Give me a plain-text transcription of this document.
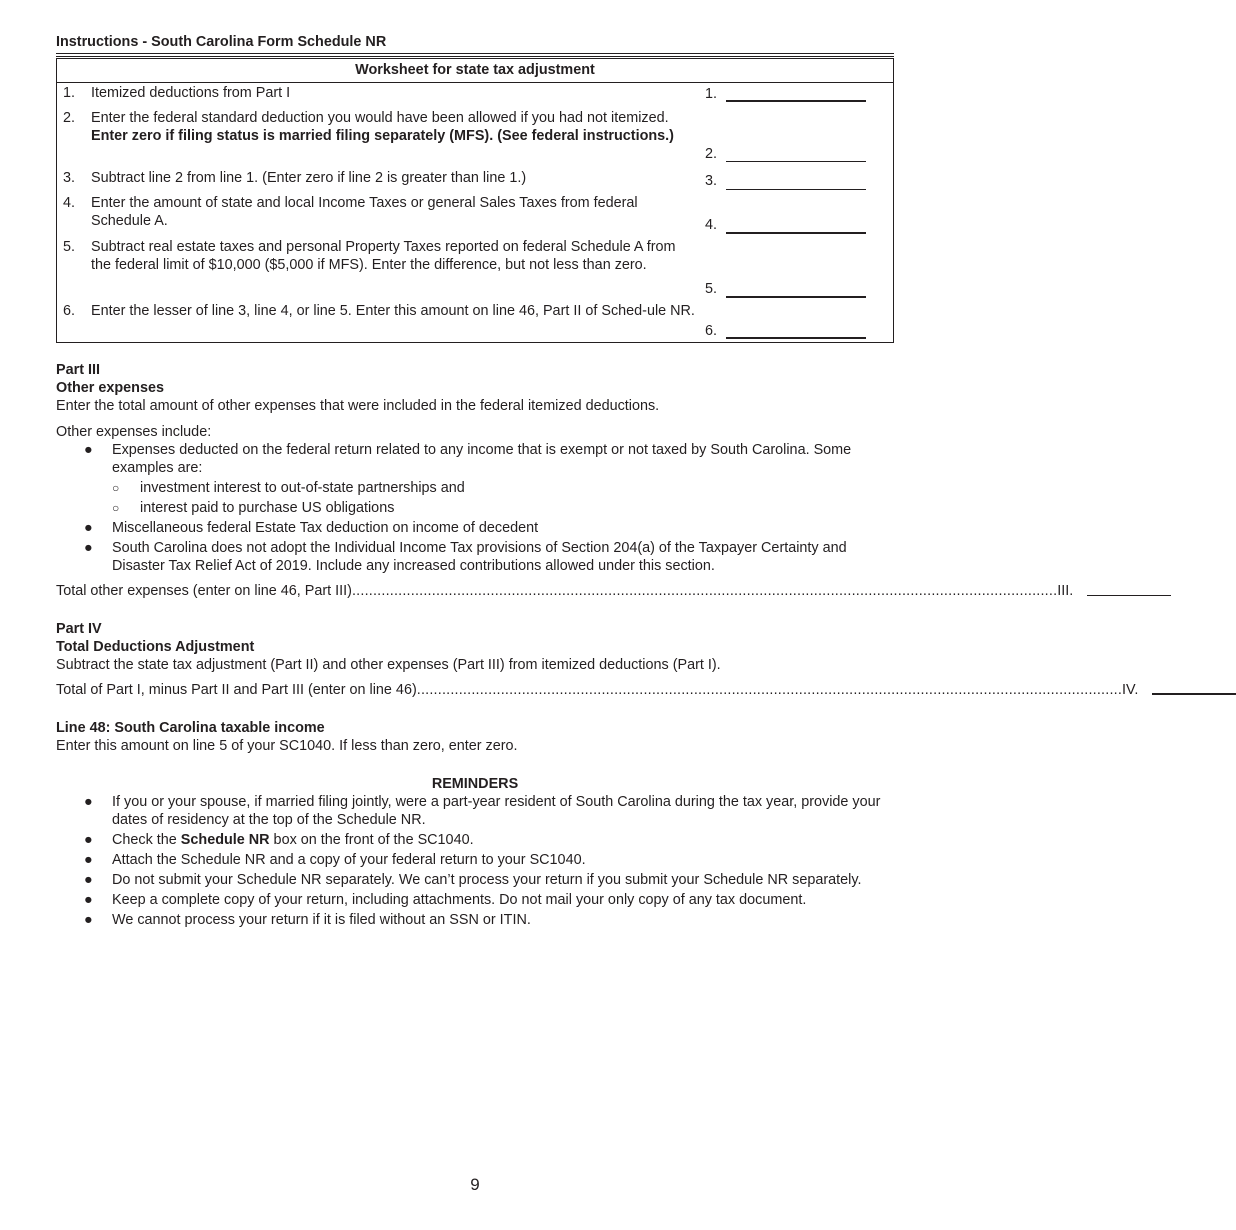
Instructions - South Carolina Form Schedule NR
Worksheet for state tax adjustment
1.	Itemized deductions from Part I	1.
2.	Enter the federal standard deduction you would have been allowed if you had not itemized. Enter zero if filing status is married filing separately (MFS). (See federal instructions.)
2.
3.	Subtract line 2 from line 1. (Enter zero if line 2 is greater than line 1.)	3.
4.	Enter the amount of state and local Income Taxes or general Sales Taxes from federal Schedule A.	4.
5.	Subtract real estate taxes and personal Property Taxes reported on federal Schedule A from the federal limit of $10,000 ($5,000 if MFS). Enter the difference, but not less than zero.
5.
6.	Enter the lesser of line 3, line 4, or line 5. Enter this amount on line 46, Part II of Sched-ule NR.
6.
Part III
Other expenses

Enter the total amount of other expenses that were included in the federal itemized deductions.

Other expenses include:

● Expenses deducted on the federal return related to any income that is exempt or not taxed by South Carolina. Some examples are:
○ investment interest to out-of-state partnerships and
○ interest paid to purchase US obligations
● Miscellaneous federal Estate Tax deduction on income of decedent
● South Carolina does not adopt the Individual Income Tax provisions of Section 204(a) of the Taxpayer Certainty and Disaster Tax Relief Act of 2019. Include any increased contributions allowed under this section.
Total other expenses (enter on line 46, Part III) ........................................................................................................................................................................ III.
Part IV
Total Deductions Adjustment

Subtract the state tax adjustment (Part II) and other expenses (Part III) from itemized deductions (Part I).

Total of Part I, minus Part II and Part III (enter on line 46) ........................................................................................................................................................................ IV.
Line 48: South Carolina taxable income

Enter this amount on line 5 of your SC1040. If less than zero, enter zero.

REMINDERS
● If you or your spouse, if married filing jointly, were a part-year resident of South Carolina during the tax year, provide your dates of residency at the top of the Schedule NR.
● Check the Schedule NR box on the front of the SC1040.
● Attach the Schedule NR and a copy of your federal return to your SC1040.
● Do not submit your Schedule NR separately. We can’t process your return if you submit your Schedule NR separately.
● Keep a complete copy of your return, including attachments. Do not mail your only copy of any tax document.
● We cannot process your return if it is filed without an SSN or ITIN.
9
